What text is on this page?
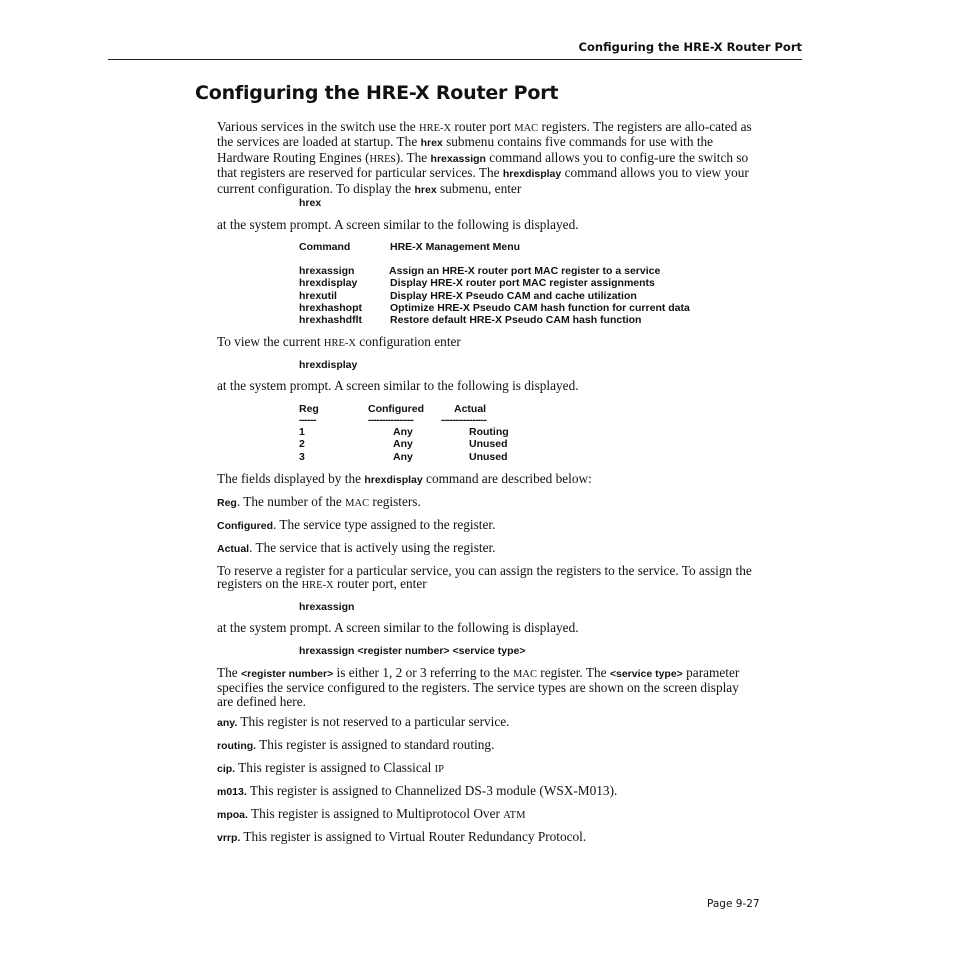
Configuring the HRE-X Router Port
Configuring the HRE-X Router Port
Various services in the switch use the HRE-X router port MAC registers. The registers are allo-cated as the services are loaded at startup. The hrex submenu contains five commands for use with the Hardware Routing Engines (HREs). The hrexassign command allows you to config-ure the switch so that registers are reserved for particular services. The hrexdisplay command allows you to view your current configuration. To display the hrex submenu, enter
hrex
at the system prompt. A screen similar to the following is displayed.
Command	HRE-X Management Menu
hrexassign	Assign an HRE-X router port MAC register to a service
hrexdisplay	Display HRE-X router port MAC register assignments
hrexutil	Display HRE-X Pseudo CAM and cache utilization
hrexhashopt	Optimize HRE-X Pseudo CAM hash function for current data
hrexhashdflt	Restore default HRE-X Pseudo CAM hash function
To view the current HRE-X configuration enter
hrexdisplay
at the system prompt. A screen similar to the following is displayed.
Reg	Configured	Actual
------	----------------	----------------
1	Any	Routing
2	Any	Unused
3	Any	Unused
The fields displayed by the hrexdisplay command are described below:
Reg. The number of the MAC registers.
Configured. The service type assigned to the register.
Actual. The service that is actively using the register.
To reserve a register for a particular service, you can assign the registers to the service. To assign the registers on the HRE-X router port, enter
hrexassign
at the system prompt. A screen similar to the following is displayed.
hrexassign <register number> <service type>
The <register number> is either 1, 2 or 3 referring to the MAC register. The <service type> parameter specifies the service configured to the registers. The service types are shown on the screen display are defined here.
any. This register is not reserved to a particular service.
routing. This register is assigned to standard routing.
cip. This register is assigned to Classical IP
m013. This register is assigned to Channelized DS-3 module (WSX-M013).
mpoa. This register is assigned to Multiprotocol Over ATM
vrrp. This register is assigned to Virtual Router Redundancy Protocol.
Page 9-27
